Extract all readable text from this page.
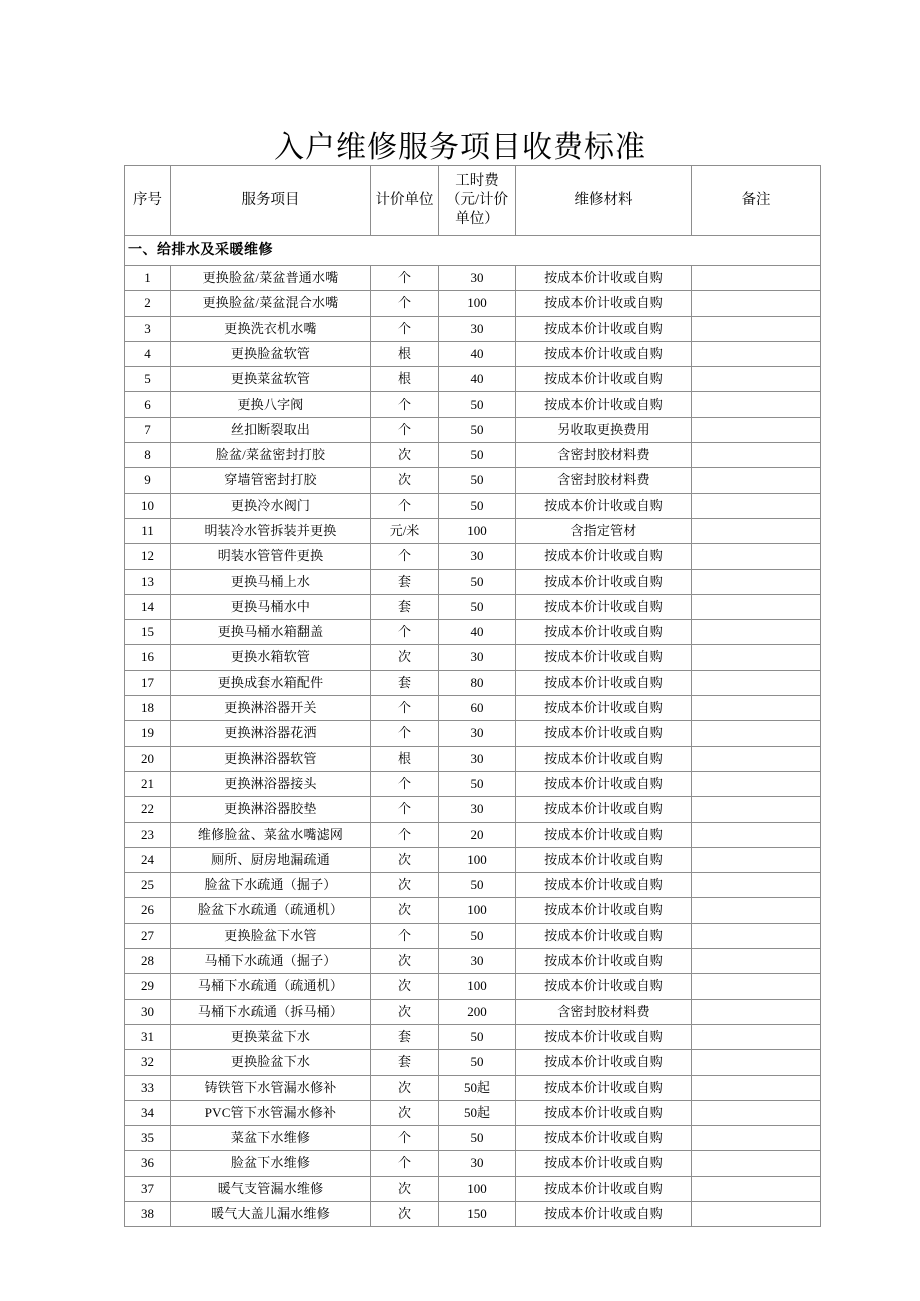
入户维修服务项目收费标准
序号	服务项目	计价单位	工时费（元/计价单位）	维修材料	备注
一、给排水及采暖维修					
1	更换脸盆/菜盆普通水嘴	个	30	按成本价计收或自购	
2	更换脸盆/菜盆混合水嘴	个	100	按成本价计收或自购	
3	更换洗衣机水嘴	个	30	按成本价计收或自购	
4	更换脸盆软管	根	40	按成本价计收或自购	
5	更换菜盆软管	根	40	按成本价计收或自购	
6	更换八字阀	个	50	按成本价计收或自购	
7	丝扣断裂取出	个	50	另收取更换费用	
8	脸盆/菜盆密封打胶	次	50	含密封胶材料费	
9	穿墙管密封打胶	次	50	含密封胶材料费	
10	更换冷水阀门	个	50	按成本价计收或自购	
11	明装冷水管拆装并更换	元/米	100	含指定管材	
12	明装水管管件更换	个	30	按成本价计收或自购	
13	更换马桶上水	套	50	按成本价计收或自购	
14	更换马桶水中	套	50	按成本价计收或自购	
15	更换马桶水箱翻盖	个	40	按成本价计收或自购	
16	更换水箱软管	次	30	按成本价计收或自购	
17	更换成套水箱配件	套	80	按成本价计收或自购	
18	更换淋浴器开关	个	60	按成本价计收或自购	
19	更换淋浴器花洒	个	30	按成本价计收或自购	
20	更换淋浴器软管	根	30	按成本价计收或自购	
21	更换淋浴器接头	个	50	按成本价计收或自购	
22	更换淋浴器胶垫	个	30	按成本价计收或自购	
23	维修脸盆、菜盆水嘴滤网	个	20	按成本价计收或自购	
24	厕所、厨房地漏疏通	次	100	按成本价计收或自购	
25	脸盆下水疏通（掘子）	次	50	按成本价计收或自购	
26	脸盆下水疏通（疏通机）	次	100	按成本价计收或自购	
27	更换脸盆下水管	个	50	按成本价计收或自购	
28	马桶下水疏通（掘子）	次	30	按成本价计收或自购	
29	马桶下水疏通（疏通机）	次	100	按成本价计收或自购	
30	马桶下水疏通（拆马桶）	次	200	含密封胶材料费	
31	更换菜盆下水	套	50	按成本价计收或自购	
32	更换脸盆下水	套	50	按成本价计收或自购	
33	铸铁管下水管漏水修补	次	50起	按成本价计收或自购	
34	PVC管下水管漏水修补	次	50起	按成本价计收或自购	
35	菜盆下水维修	个	50	按成本价计收或自购	
36	脸盆下水维修	个	30	按成本价计收或自购	
37	暖气支管漏水维修	次	100	按成本价计收或自购	
38	暖气大盖儿漏水维修	次	150	按成本价计收或自购	
